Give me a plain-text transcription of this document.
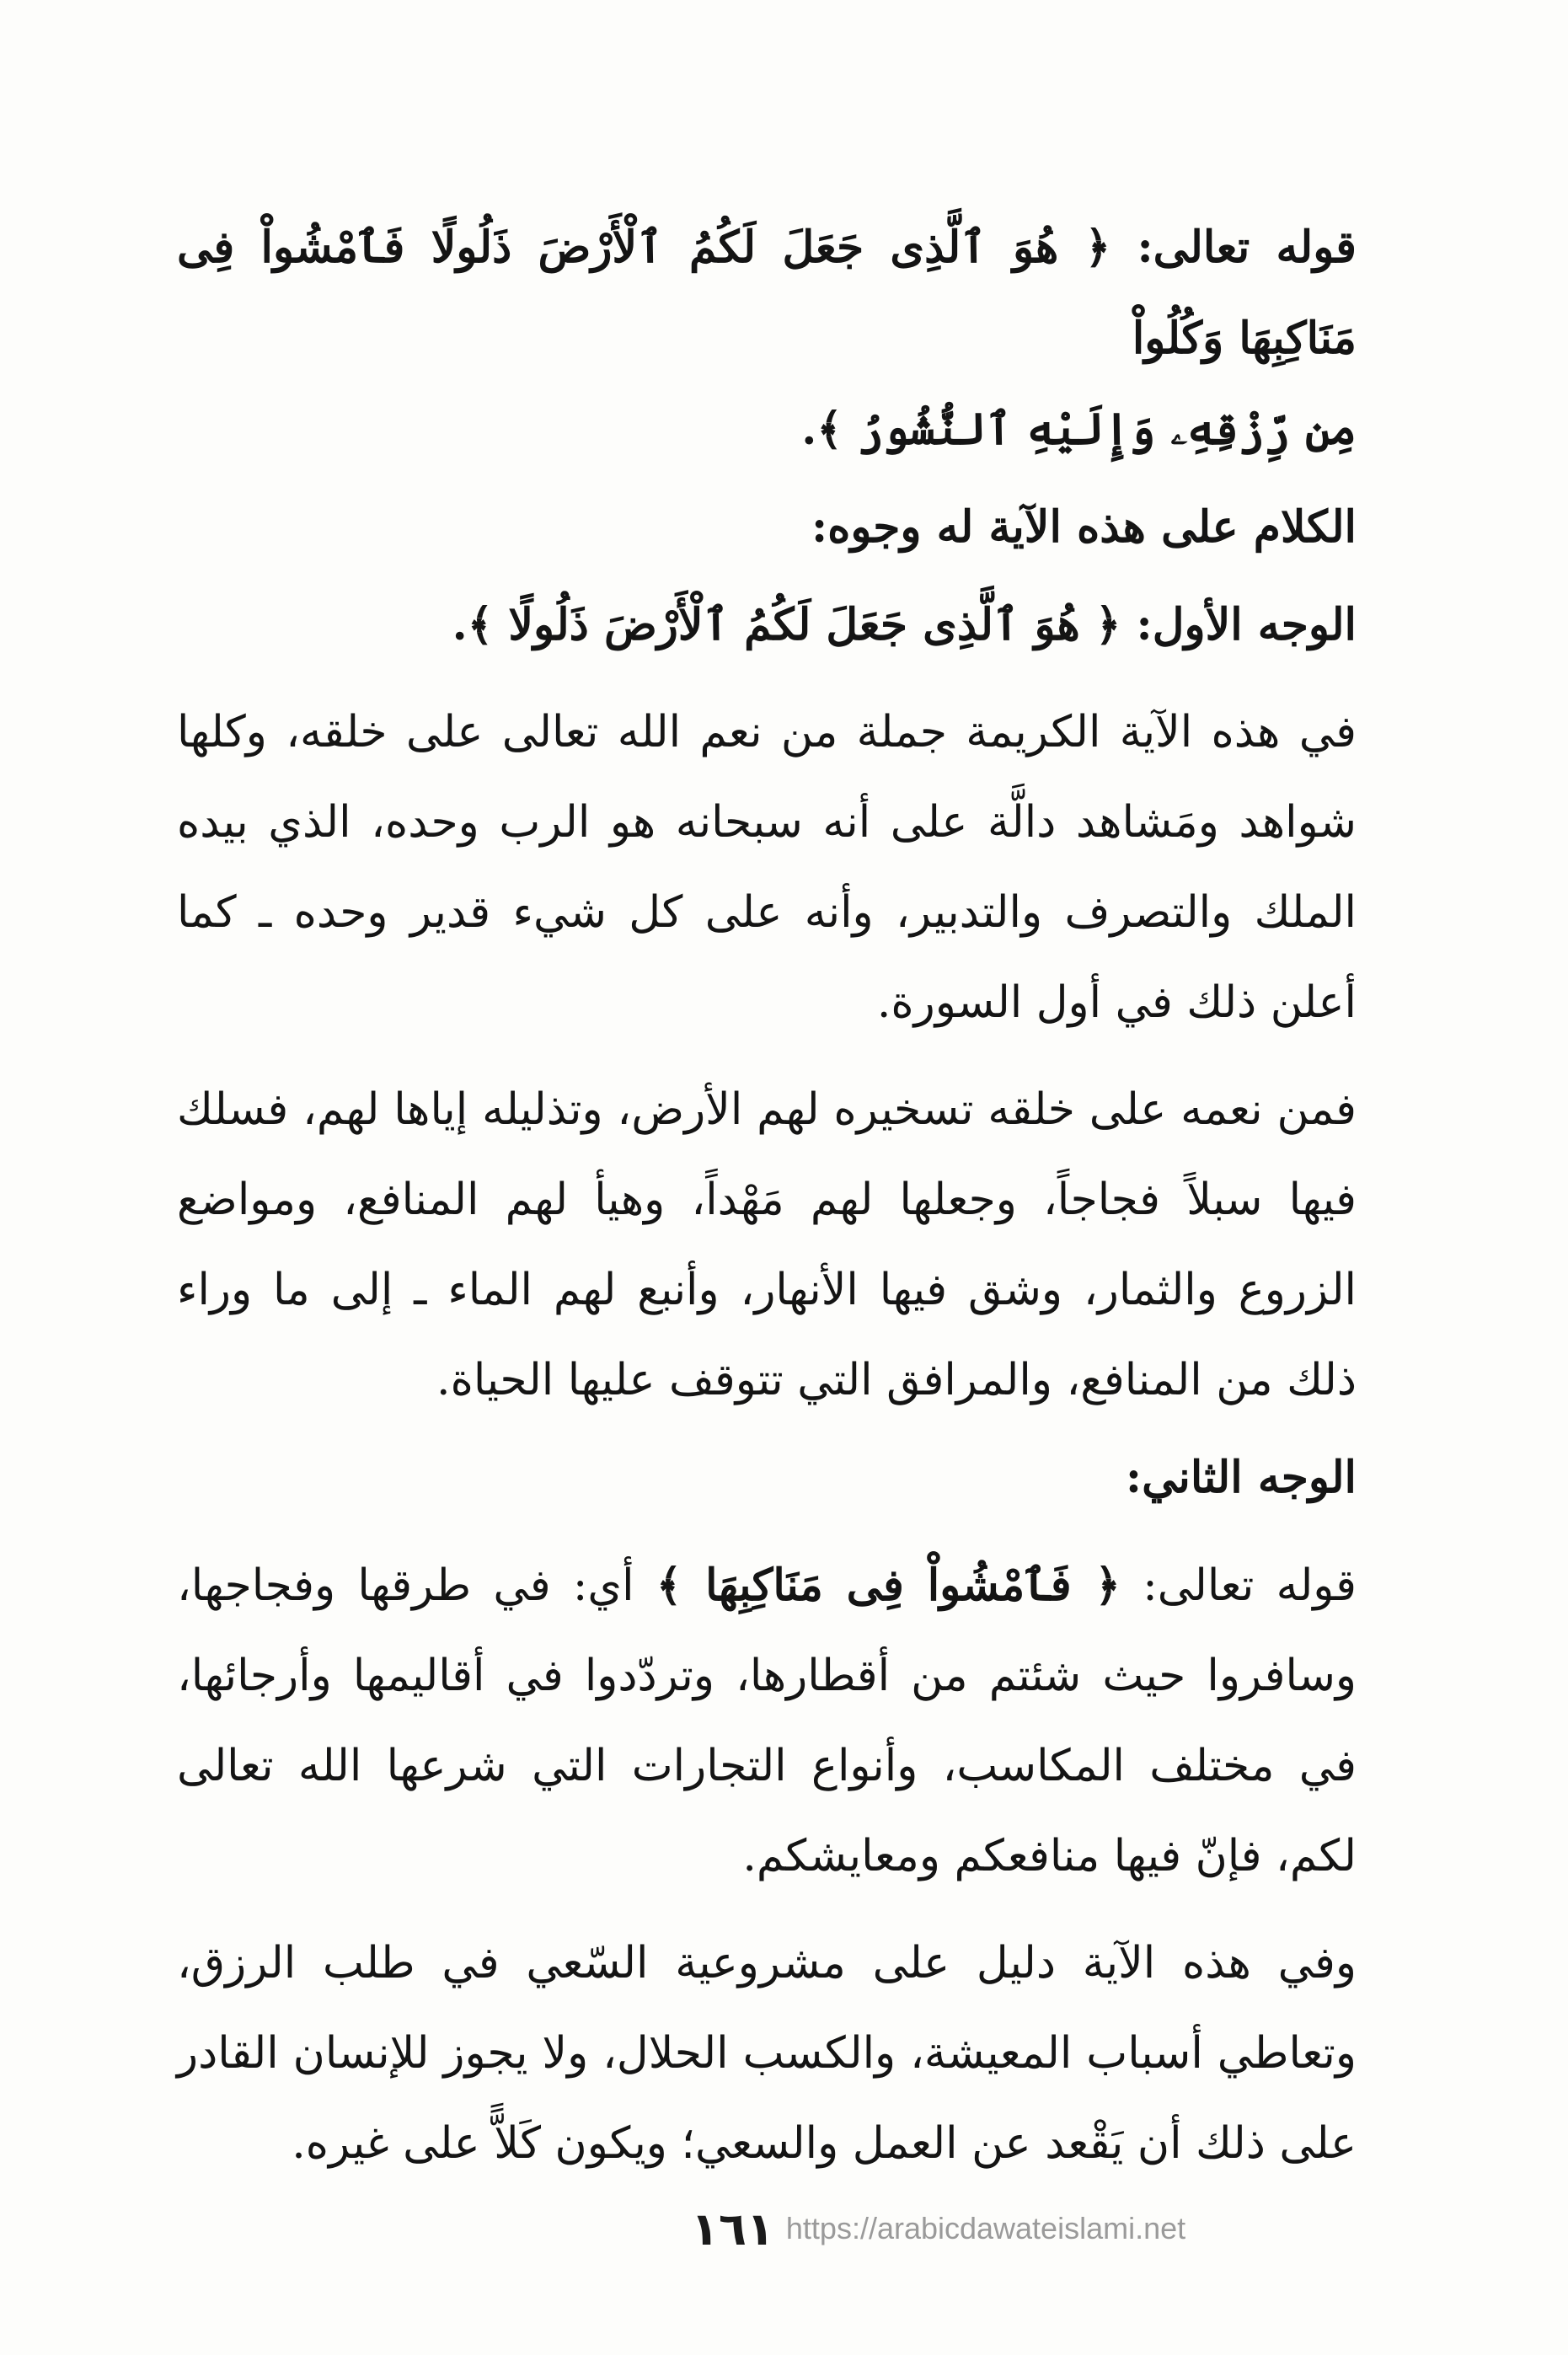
قوله تعالى: ﴿ هُوَ ٱلَّذِى جَعَلَ لَكُمُ ٱلْأَرْضَ ذَلُولًا فَٱمْشُواْ فِى مَنَاكِبِهَا وَكُلُواْ

مِن رِّزْقِهِۦ وَإِلَيْهِ ٱلنُّشُورُ ﴾.

الكلام على هذه الآية له وجوه:

الوجه الأول: ﴿ هُوَ ٱلَّذِى جَعَلَ لَكُمُ ٱلْأَرْضَ ذَلُولًا ﴾.

في هذه الآية الكريمة جملة من نعم الله تعالى على خلقه، وكلها شواهد ومَشاهد دالَّة على أنه سبحانه هو الرب وحده، الذي بيده الملك والتصرف والتدبير، وأنه على كل شيء قدير وحده ـ كما أعلن ذلك في أول السورة.

فمن نعمه على خلقه تسخيره لهم الأرض، وتذليله إياها لهم، فسلك فيها سبلاً فجاجاً، وجعلها لهم مَهْداً، وهيأ لهم المنافع، ومواضع الزروع والثمار، وشق فيها الأنهار، وأنبع لهم الماء ـ إلى ما وراء ذلك من المنافع، والمرافق التي تتوقف عليها الحياة.

الوجه الثاني:

قوله تعالى: ﴿ فَٱمْشُواْ فِى مَنَاكِبِهَا ﴾ أي: في طرقها وفجاجها، وسافروا حيث شئتم من أقطارها، وتردّدوا في أقاليمها وأرجائها، في مختلف المكاسب، وأنواع التجارات التي شرعها الله تعالى لكم، فإنّ فيها منافعكم ومعايشكم.

وفي هذه الآية دليل على مشروعية السّعي في طلب الرزق، وتعاطي أسباب المعيشة، والكسب الحلال، ولا يجوز للإنسان القادر على ذلك أن يَقْعد عن العمل والسعي؛ ويكون كَلاًّ على غيره.

١٦١ https://arabicdawateislami.net
